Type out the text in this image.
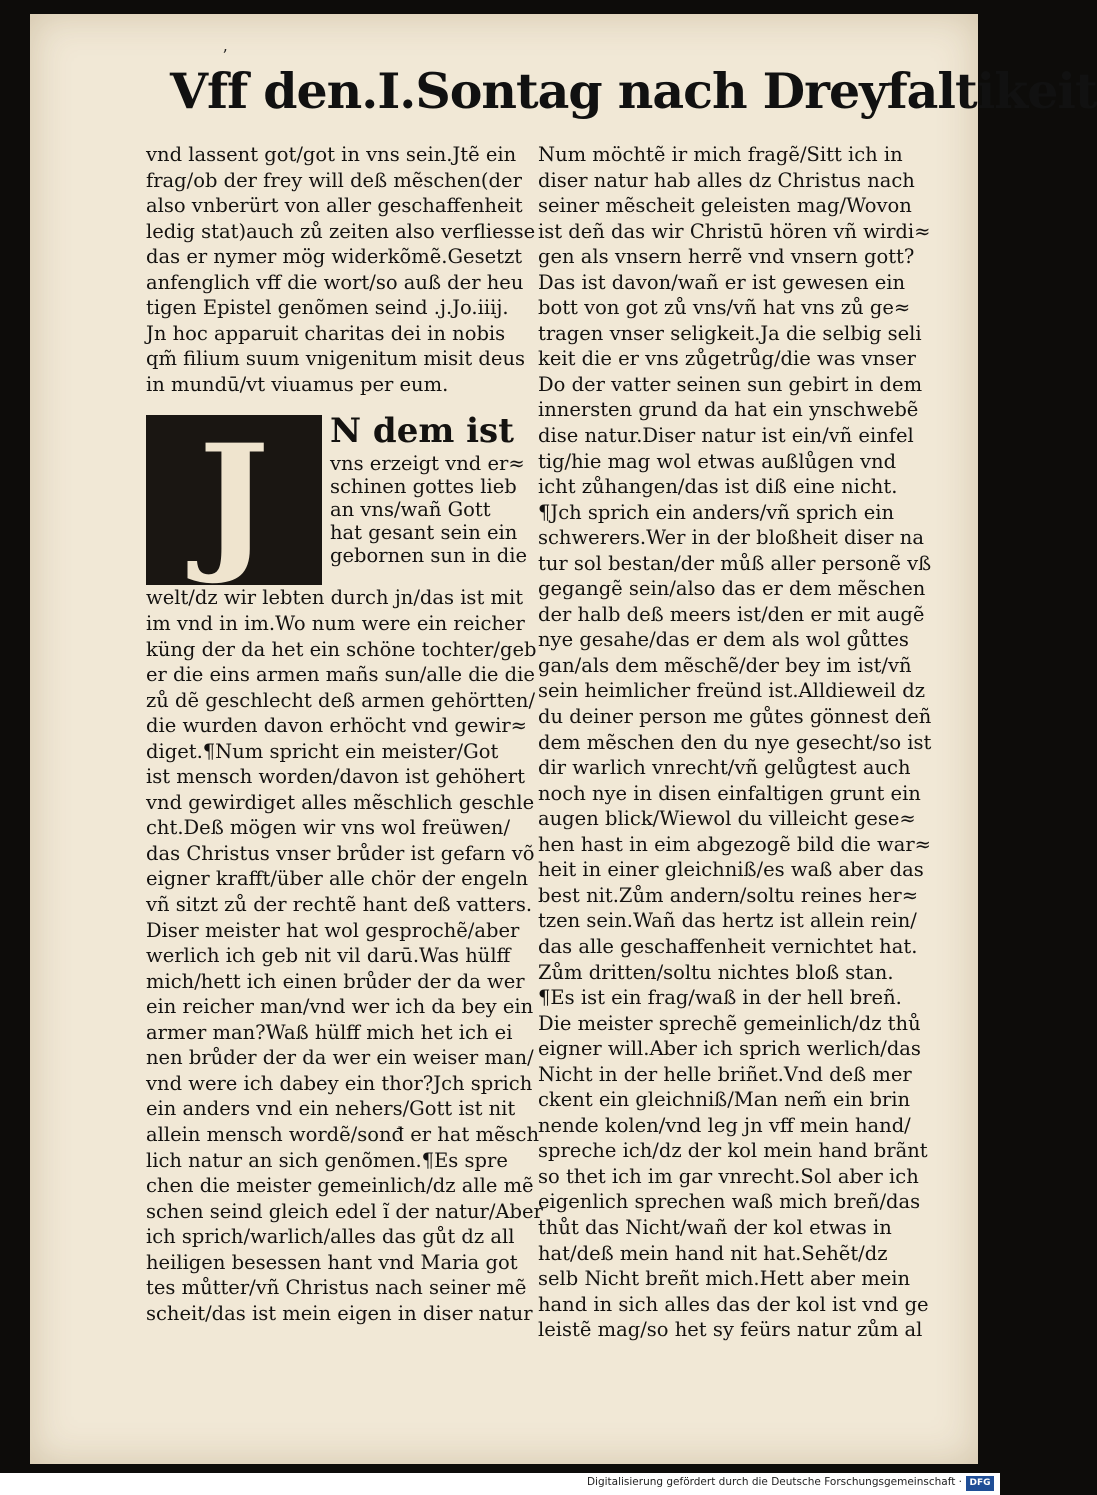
ʼ
Vff den.I.Sontag nach Dreyfaltikeit
vnd lassent got/got in vns sein.Jtẽ ein
frag/ob der frey will deß mẽschen(der
also vnberürt von aller geschaffenheit
ledig stat)auch zů zeiten also verfliesse
das er nymer mög widerkõmẽ.Gesetzt
anfenglich vff die wort/so auß der heu
tigen Epistel genõmen seind .j.Jo.iiij.
Jn hoc apparuit charitas dei in nobis
qm̃ filium suum vnigenitum misit deus
in mundū/vt viuamus per eum.
J	N dem ist
vns erzeigt vnd er≈
schinen gottes lieb
an vns/wañ Gott
hat gesant sein ein
gebornen sun in die
welt/dz wir lebten durch jn/das ist mit
im vnd in im.Wo num were ein reicher
küng der da het ein schöne tochter/geb
er die eins armen mañs sun/alle die die
zů dẽ geschlecht deß armen gehörtten/
die wurden davon erhöcht vnd gewir≈
diget.¶Num spricht ein meister/Got
ist mensch worden/davon ist gehöhert
vnd gewirdiget alles mẽschlich geschle
cht.Deß mögen wir vns wol freüwen/
das Christus vnser brůder ist gefarn võ
eigner krafft/über alle chör der engeln
vñ sitzt zů der rechtẽ hant deß vatters.
Diser meister hat wol gesprochẽ/aber
werlich ich geb nit vil darū.Was hülff
mich/hett ich einen brůder der da wer
ein reicher man/vnd wer ich da bey ein
armer man?Waß hülff mich het ich ei
nen brůder der da wer ein weiser man/
vnd were ich dabey ein thor?Jch sprich
ein anders vnd ein nehers/Gott ist nit
allein mensch wordẽ/sonđ er hat mẽsch
lich natur an sich genõmen.¶Es spre
chen die meister gemeinlich/dz alle mẽ
schen seind gleich edel ĩ der natur/Aber
ich sprich/warlich/alles das gůt dz all
heiligen besessen hant vnd Maria got
tes můtter/vñ Christus nach seiner mẽ
scheit/das ist mein eigen in diser natur
Num möchtẽ ir mich fragẽ/Sitt ich in
diser natur hab alles dz Christus nach
seiner mẽscheit geleisten mag/Wovon
ist deñ das wir Christū hören vñ wirdi≈
gen als vnsern herrẽ vnd vnsern gott?
Das ist davon/wañ er ist gewesen ein
bott von got zů vns/vñ hat vns zů ge≈
tragen vnser seligkeit.Ja die selbig seli
keit die er vns zůgetrůg/die was vnser
Do der vatter seinen sun gebirt in dem
innersten grund da hat ein ynschwebẽ
dise natur.Diser natur ist ein/vñ einfel
tig/hie mag wol etwas außlůgen vnd
icht zůhangen/das ist diß eine nicht.
¶Jch sprich ein anders/vñ sprich ein
schwerers.Wer in der bloßheit diser na
tur sol bestan/der můß aller personẽ vß
gegangẽ sein/also das er dem mẽschen
der halb deß meers ist/den er mit augẽ
nye gesahe/das er dem als wol gůttes
gan/als dem mẽschẽ/der bey im ist/vñ
sein heimlicher freünd ist.Alldieweil dz
du deiner person me gůtes gönnest deñ
dem mẽschen den du nye gesecht/so ist
dir warlich vnrecht/vñ gelůgtest auch
noch nye in disen einfaltigen grunt ein
augen blick/Wiewol du villeicht gese≈
hen hast in eim abgezogẽ bild die war≈
heit in einer gleichniß/es waß aber das
best nit.Zům andern/soltu reines her≈
tzen sein.Wañ das hertz ist allein rein/
das alle geschaffenheit vernichtet hat.
Zům dritten/soltu nichtes bloß stan.
¶Es ist ein frag/waß in der hell breñ.
Die meister sprechẽ gemeinlich/dz thů
eigner will.Aber ich sprich werlich/das
Nicht in der helle briñet.Vnd deß mer
ckent ein gleichniß/Man nem̃ ein brin
nende kolen/vnd leg jn vff mein hand/
spreche ich/dz der kol mein hand brãnt
so thet ich im gar vnrecht.Sol aber ich
eigenlich sprechen waß mich breñ/das
thůt das Nicht/wañ der kol etwas in
hat/deß mein hand nit hat.Sehẽt/dz
selb Nicht breñt mich.Hett aber mein
hand in sich alles das der kol ist vnd ge
leistẽ mag/so het sy feürs natur zům al
Digitalisierung gefördert durch die Deutsche Forschungsgemeinschaft · DFG
